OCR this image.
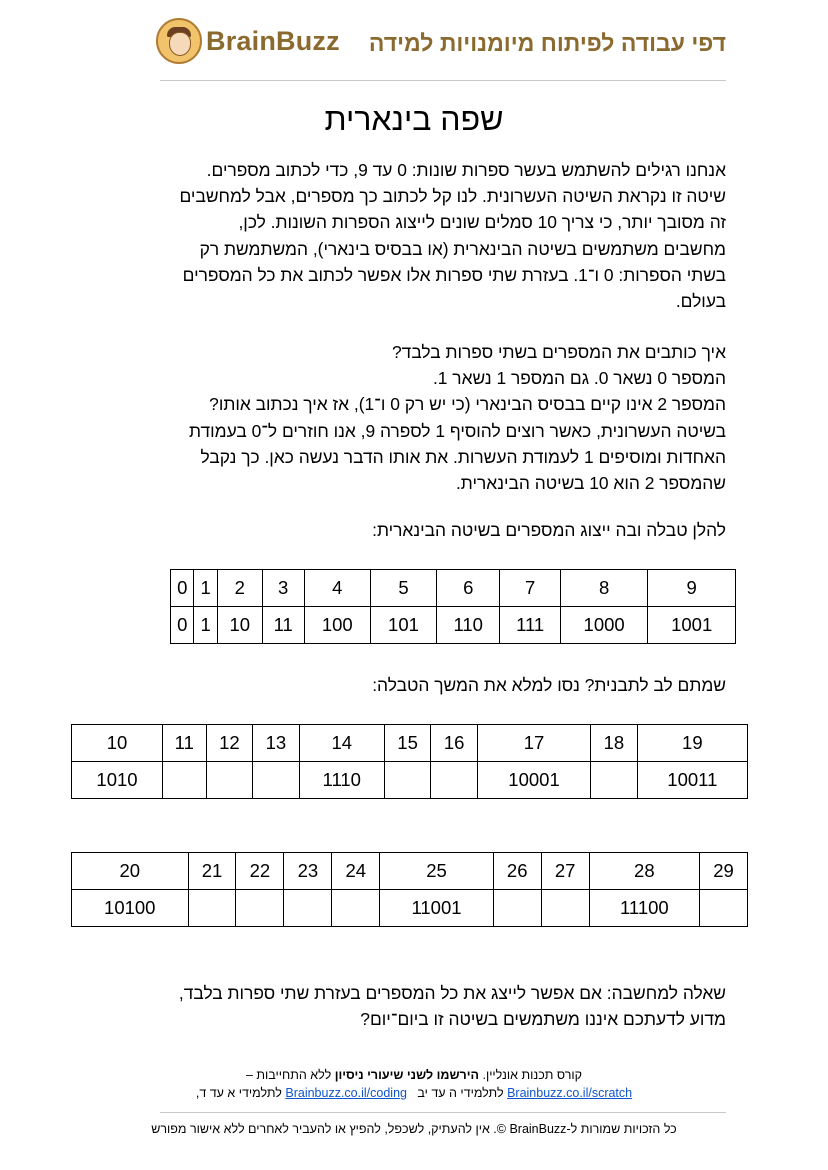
BrainBuzz דפי עבודה לפיתוח מיומנויות למידה
שפה בינארית

אנחנו רגילים להשתמש בעשר ספרות שונות: 0 עד 9, כדי לכתוב מספרים.

שיטה זו נקראת השיטה העשרונית. לנו קל לכתוב כך מספרים, אבל למחשבים

זה מסובך יותר, כי צריך 10 סמלים שונים לייצוג הספרות השונות. לכן,

מחשבים משתמשים בשיטה הבינארית (או בבסיס בינארי), המשתמשת רק

בשתי הספרות: 0 ו־1. בעזרת שתי ספרות אלו אפשר לכתוב את כל המספרים

בעולם.

איך כותבים את המספרים בשתי ספרות בלבד?

המספר 0 נשאר 0. גם המספר 1 נשאר 1.

המספר 2 אינו קיים בבסיס הבינארי (כי יש רק 0 ו־1), אז איך נכתוב אותו?

בשיטה העשרונית, כאשר רוצים להוסיף 1 לספרה 9, אנו חוזרים ל־0 בעמודת

האחדות ומוסיפים 1 לעמודת העשרות. את אותו הדבר נעשה כאן. כך נקבל

שהמספר 2 הוא 10 בשיטה הבינארית.

להלן טבלה ובה ייצוג המספרים בשיטה הבינארית:

0	1	2	3	4	5	6	7	8	9
0	1	10	11	100	101	110	111	1000	1001

שמתם לב לתבנית? נסו למלא את המשך הטבלה:

10	11	12	13	14	15	16	17	18	19
1010				1110			10001		10011
20	21	22	23	24	25	26	27	28	29
10100					11001			11100	

שאלה למחשבה: אם אפשר לייצג את כל המספרים בעזרת שתי ספרות בלבד,

מדוע לדעתכם איננו משתמשים בשיטה זו ביום־יום?

קורס תכנות אונליין. הירשמו לשני שיעורי ניסיון ללא התחייבות –
Brainbuzz.co.il/scratch לתלמידי ה עד יב   Brainbuzz.co.il/coding לתלמידי א עד ד,
כל הזכויות שמורות ל-BrainBuzz ©. אין להעתיק, לשכפל, להפיץ או להעביר לאחרים ללא אישור מפורש
